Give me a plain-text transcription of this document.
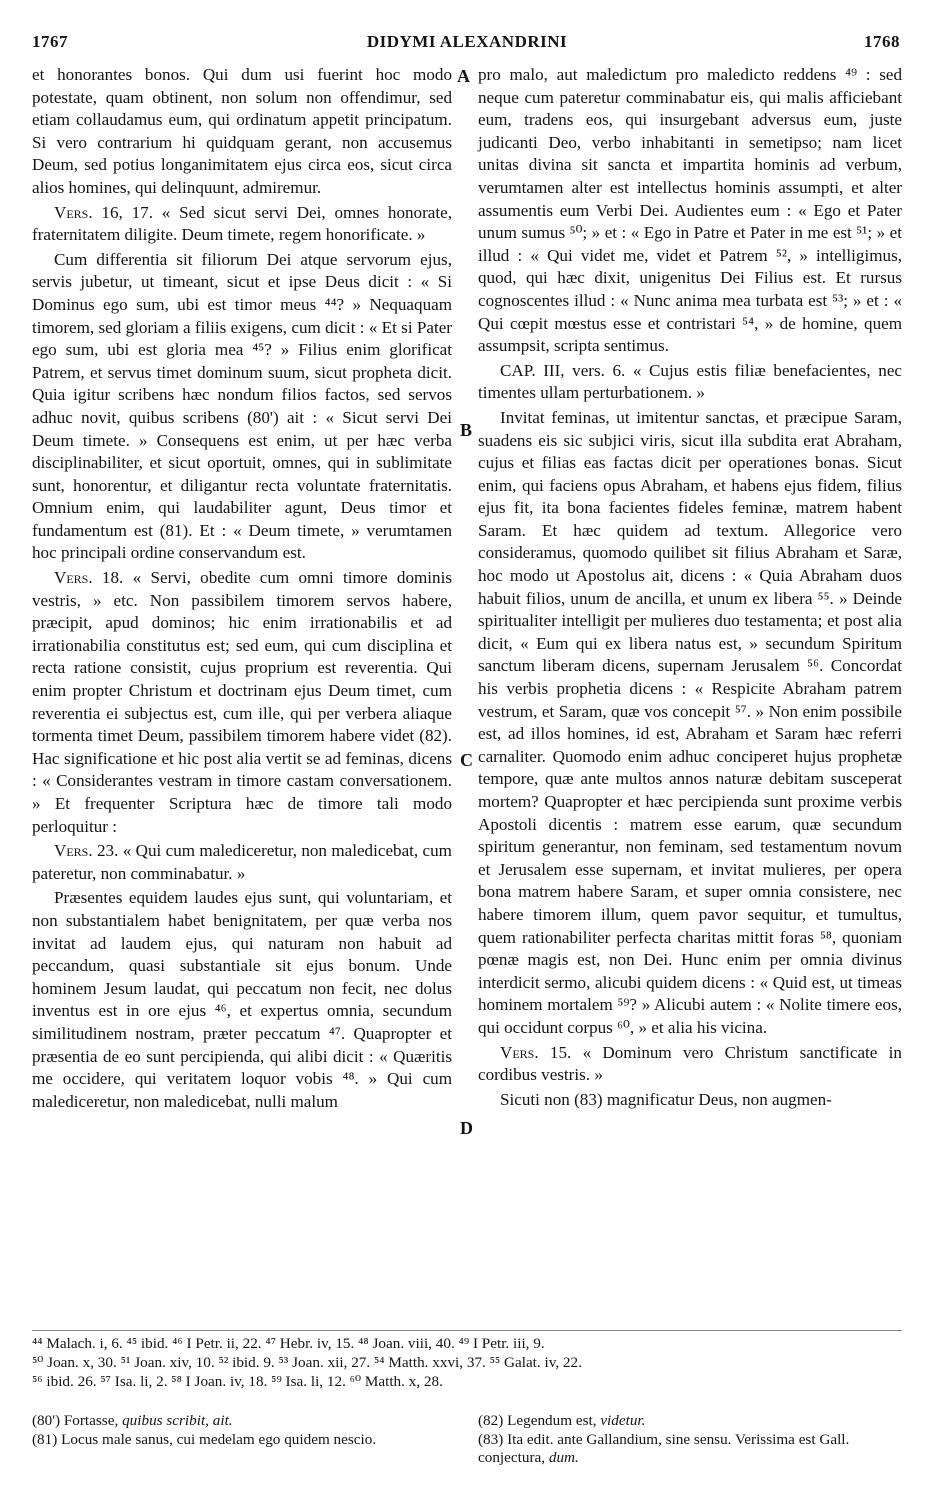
1767	DIDYMI ALEXANDRINI	1768
A
B
C
D

et honorantes bonos. Qui dum usi fuerint hoc modo potestate, quam obtinent, non solum non offendimur, sed etiam collaudamus eum, qui ordinatum appetit principatum. Si vero contrarium hi quidquam gerant, non accusemus Deum, sed potius longanimitatem ejus circa eos, sicut circa alios homines, qui delinquunt, admiremur.

Vers. 16, 17. « Sed sicut servi Dei, omnes honorate, fraternitatem diligite. Deum timete, regem honorificate. »

Cum differentia sit filiorum Dei atque servorum ejus, servis jubetur, ut timeant, sicut et ipse Deus dicit : « Si Dominus ego sum, ubi est timor meus ⁴⁴? » Nequaquam timorem, sed gloriam a filiis exigens, cum dicit : « Et si Pater ego sum, ubi est gloria mea ⁴⁵? » Filius enim glorificat Patrem, et servus timet dominum suum, sicut propheta dicit. Quia igitur scribens hæc nondum filios factos, sed servos adhuc novit, quibus scribens (80') ait : « Sicut servi Dei Deum timete. » Consequens est enim, ut per hæc verba disciplinabiliter, et sicut oportuit, omnes, qui in sublimitate sunt, honorentur, et diligantur recta voluntate fraternitatis. Omnium enim, qui laudabiliter agunt, Deus timor et fundamentum est (81). Et : « Deum timete, » verumtamen hoc principali ordine conservandum est.

Vers. 18. « Servi, obedite cum omni timore dominis vestris, » etc. Non passibilem timorem servos habere, præcipit, apud dominos; hic enim irrationabilis et ad irrationabilia constitutus est; sed eum, qui cum disciplina et recta ratione consistit, cujus proprium est reverentia. Qui enim propter Christum et doctrinam ejus Deum timet, cum reverentia ei subjectus est, cum ille, qui per verbera aliaque tormenta timet Deum, passibilem timorem habere videt (82). Hac significatione et hic post alia vertit se ad feminas, dicens : « Considerantes vestram in timore castam conversationem. » Et frequenter Scriptura hæc de timore tali modo perloquitur :

Vers. 23. « Qui cum malediceretur, non maledicebat, cum pateretur, non comminabatur. »

Præsentes equidem laudes ejus sunt, qui voluntariam, et non substantialem habet benignitatem, per quæ verba nos invitat ad laudem ejus, qui naturam non habuit ad peccandum, quasi substantiale sit ejus bonum. Unde hominem Jesum laudat, qui peccatum non fecit, nec dolus inventus est in ore ejus ⁴⁶, et expertus omnia, secundum similitudinem nostram, præter peccatum ⁴⁷. Quapropter et præsentia de eo sunt percipienda, qui alibi dicit : « Quæritis me occidere, qui veritatem loquor vobis ⁴⁸. » Qui cum malediceretur, non maledicebat, nulli malum

pro malo, aut maledictum pro maledicto reddens ⁴⁹ : sed neque cum pateretur comminabatur eis, qui malis afficiebant eum, tradens eos, qui insurgebant adversus eum, juste judicanti Deo, verbo inhabitanti in semetipso; nam licet unitas divina sit sancta et impartita hominis ad verbum, verumtamen alter est intellectus hominis assumpti, et alter assumentis eum Verbi Dei. Audientes eum : « Ego et Pater unum sumus ⁵⁰; » et : « Ego in Patre et Pater in me est ⁵¹; » et illud : « Qui videt me, videt et Patrem ⁵², » intelligimus, quod, qui hæc dixit, unigenitus Dei Filius est. Et rursus cognoscentes illud : « Nunc anima mea turbata est ⁵³; » et : « Qui cœpit mœstus esse et contristari ⁵⁴, » de homine, quem assumpsit, scripta sentimus.

CAP. III, vers. 6. « Cujus estis filiæ benefacientes, nec timentes ullam perturbationem. »

Invitat feminas, ut imitentur sanctas, et præcipue Saram, suadens eis sic subjici viris, sicut illa subdita erat Abraham, cujus et filias eas factas dicit per operationes bonas. Sicut enim, qui faciens opus Abraham, et habens ejus fidem, filius ejus fit, ita bona facientes fideles feminæ, matrem habent Saram. Et hæc quidem ad textum. Allegorice vero consideramus, quomodo quilibet sit filius Abraham et Saræ, hoc modo ut Apostolus ait, dicens : « Quia Abraham duos habuit filios, unum de ancilla, et unum ex libera ⁵⁵. » Deinde spiritualiter intelligit per mulieres duo testamenta; et post alia dicit, « Eum qui ex libera natus est, » secundum Spiritum sanctum liberam dicens, supernam Jerusalem ⁵⁶. Concordat his verbis prophetia dicens : « Respicite Abraham patrem vestrum, et Saram, quæ vos concepit ⁵⁷. » Non enim possibile est, ad illos homines, id est, Abraham et Saram hæc referri carnaliter. Quomodo enim adhuc conciperet hujus prophetæ tempore, quæ ante multos annos naturæ debitam susceperat mortem? Quapropter et hæc percipienda sunt proxime verbis Apostoli dicentis : matrem esse earum, quæ secundum spiritum generantur, non feminam, sed testamentum novum et Jerusalem esse supernam, et invitat mulieres, per opera bona matrem habere Saram, et super omnia consistere, nec habere timorem illum, quem pavor sequitur, et tumultus, quem rationabiliter perfecta charitas mittit foras ⁵⁸, quoniam pœnæ magis est, non Dei. Hunc enim per omnia divinus interdicit sermo, alicubi quidem dicens : « Quid est, ut timeas hominem mortalem ⁵⁹? » Alicubi autem : « Nolite timere eos, qui occidunt corpus ⁶⁰, » et alia his vicina.

Vers. 15. « Dominum vero Christum sanctificate in cordibus vestris. »

Sicuti non (83) magnificatur Deus, non augmen-

⁴⁴ Malach. i, 6. ⁴⁵ ibid. ⁴⁶ I Petr. ii, 22. ⁴⁷ Hebr. iv, 15. ⁴⁸ Joan. viii, 40. ⁴⁹ I Petr. iii, 9.
⁵⁰ Joan. x, 30. ⁵¹ Joan. xiv, 10. ⁵² ibid. 9. ⁵³ Joan. xii, 27. ⁵⁴ Matth. xxvi, 37. ⁵⁵ Galat. iv, 22.
⁵⁶ ibid. 26. ⁵⁷ Isa. li, 2. ⁵⁸ I Joan. iv, 18. ⁵⁹ Isa. li, 12. ⁶⁰ Matth. x, 28.

(80') Fortasse, quibus scribit, ait.

(81) Locus male sanus, cui medelam ego quidem nescio.

(82) Legendum est, videtur.

(83) Ita edit. ante Gallandium, sine sensu. Verissima est Gall. conjectura, dum.
